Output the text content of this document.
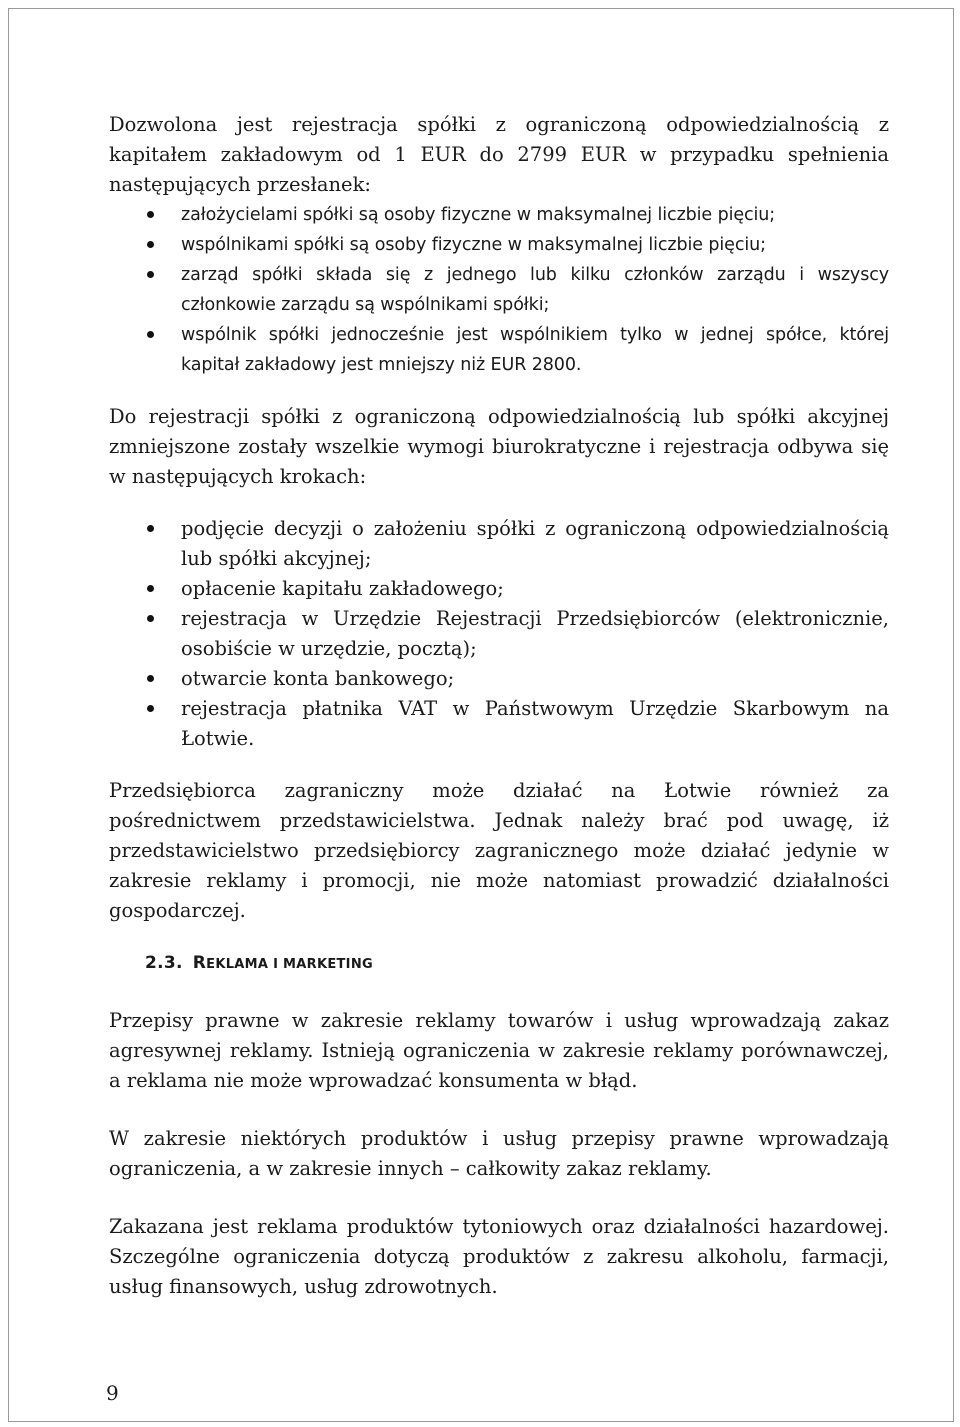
Dozwolona jest rejestracja spółki z ograniczoną odpowiedzialnością z kapitałem zakładowym od 1 EUR do 2799 EUR w przypadku spełnienia następujących przesłanek:

założycielami spółki są osoby fizyczne w maksymalnej liczbie pięciu;
wspólnikami spółki są osoby fizyczne w maksymalnej liczbie pięciu;
zarząd spółki składa się z jednego lub kilku członków zarządu i wszyscy członkowie zarządu są wspólnikami spółki;
wspólnik spółki jednocześnie jest wspólnikiem tylko w jednej spółce, której kapitał zakładowy jest mniejszy niż EUR 2800.

Do rejestracji spółki z ograniczoną odpowiedzialnością lub spółki akcyjnej zmniejszone zostały wszelkie wymogi biurokratyczne i rejestracja odbywa się w następujących krokach:

podjęcie decyzji o założeniu spółki z ograniczoną odpowiedzialnością lub spółki akcyjnej;
opłacenie kapitału zakładowego;
rejestracja w Urzędzie Rejestracji Przedsiębiorców (elektronicznie, osobiście w urzędzie, pocztą);
otwarcie konta bankowego;
rejestracja płatnika VAT w Państwowym Urzędzie Skarbowym na Łotwie.

Przedsiębiorca zagraniczny może działać na Łotwie również za pośrednictwem przedstawicielstwa. Jednak należy brać pod uwagę, iż przedstawicielstwo przedsiębiorcy zagranicznego może działać jedynie w zakresie reklamy i promocji, nie może natomiast prowadzić działalności gospodarczej.

2.3. REKLAMA I MARKETING

Przepisy prawne w zakresie reklamy towarów i usług wprowadzają zakaz agresywnej reklamy. Istnieją ograniczenia w zakresie reklamy porównawczej, a reklama nie może wprowadzać konsumenta w błąd.

W zakresie niektórych produktów i usług przepisy prawne wprowadzają ograniczenia, a w zakresie innych – całkowity zakaz reklamy.

Zakazana jest reklama produktów tytoniowych oraz działalności hazardowej. Szczególne ograniczenia dotyczą produktów z zakresu alkoholu, farmacji, usług finansowych, usług zdrowotnych.

9
